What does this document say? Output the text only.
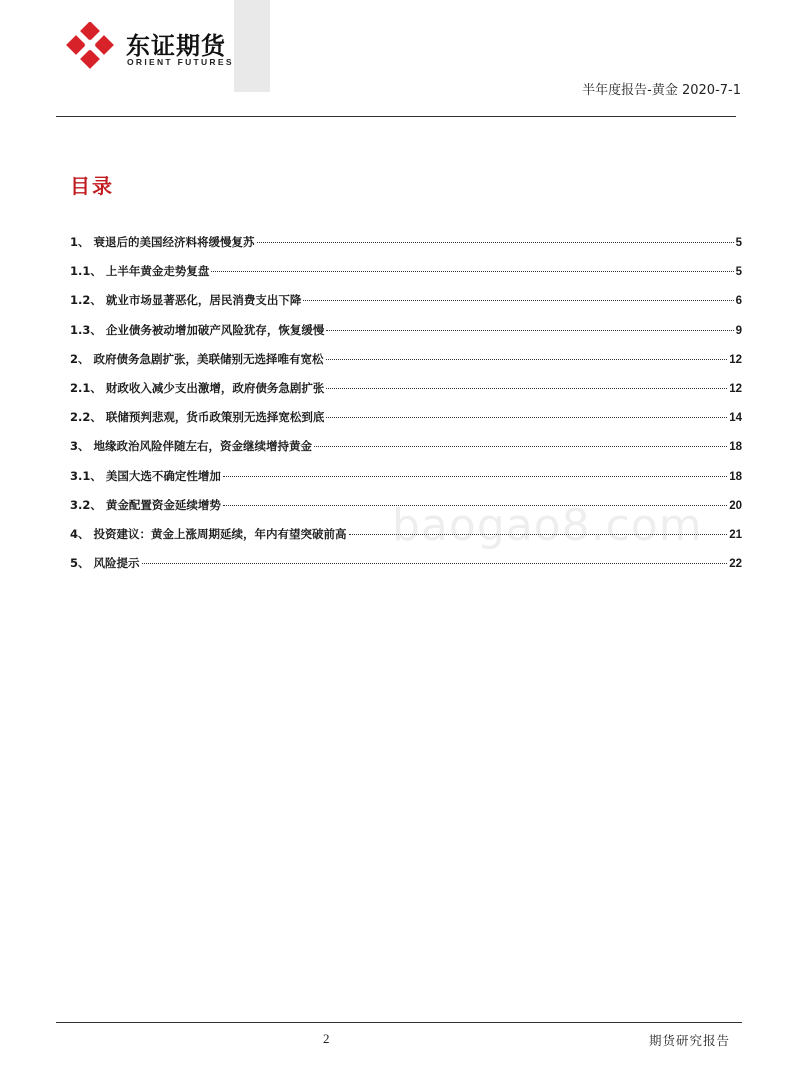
东证期货
ORIENT FUTURES
半年度报告-黄金 2020-7-1
目录
1、 衰退后的美国经济料将缓慢复苏	5
1.1、 上半年黄金走势复盘	5
1.2、 就业市场显著恶化，居民消费支出下降	6
1.3、 企业债务被动增加破产风险犹存，恢复缓慢	9
2、 政府债务急剧扩张，美联储别无选择唯有宽松	12
2.1、 财政收入减少支出激增，政府债务急剧扩张	12
2.2、 联储预判悲观，货币政策别无选择宽松到底	14
3、 地缘政治风险伴随左右，资金继续增持黄金	18
3.1、 美国大选不确定性增加	18
3.2、 黄金配置资金延续增势	20
4、 投资建议：黄金上涨周期延续，年内有望突破前高	21
5、 风险提示	22
baogao8.com
2	期货研究报告
